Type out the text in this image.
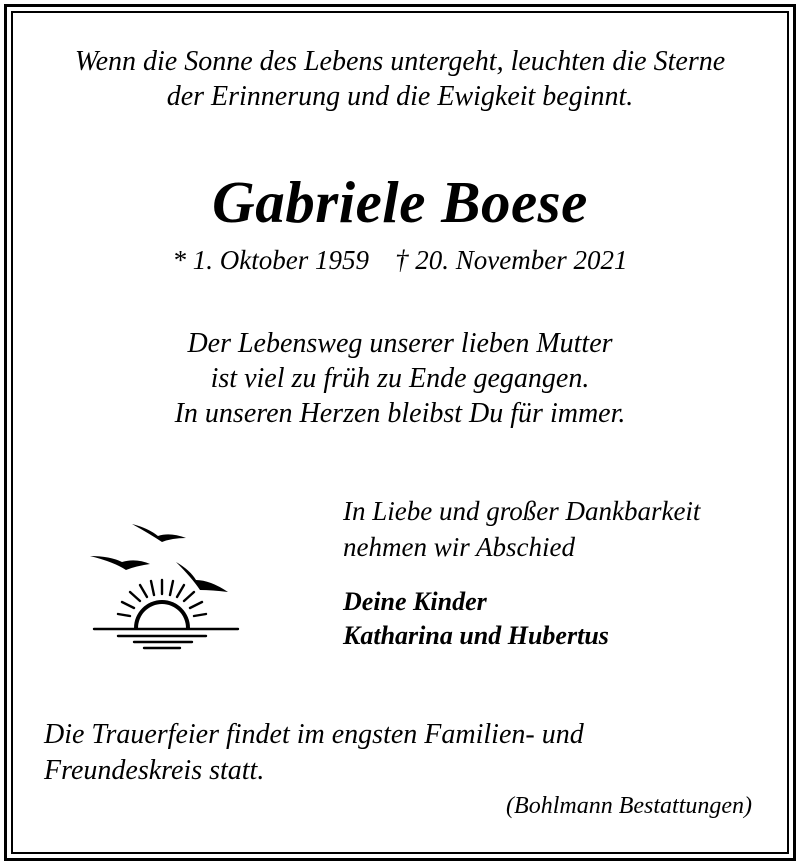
Wenn die Sonne des Lebens untergeht, leuchten die Sterne
der Erinnerung und die Ewigkeit beginnt.
Gabriele Boese
* 1. Oktober 1959 † 20. November 2021
Der Lebensweg unserer lieben Mutter
ist viel zu früh zu Ende gegangen.
In unseren Herzen bleibst Du für immer.
In Liebe und großer Dankbarkeit
nehmen wir Abschied
Deine Kinder
Katharina und Hubertus
Die Trauerfeier findet im engsten Familien- und
Freundeskreis statt.
(Bohlmann Bestattungen)
